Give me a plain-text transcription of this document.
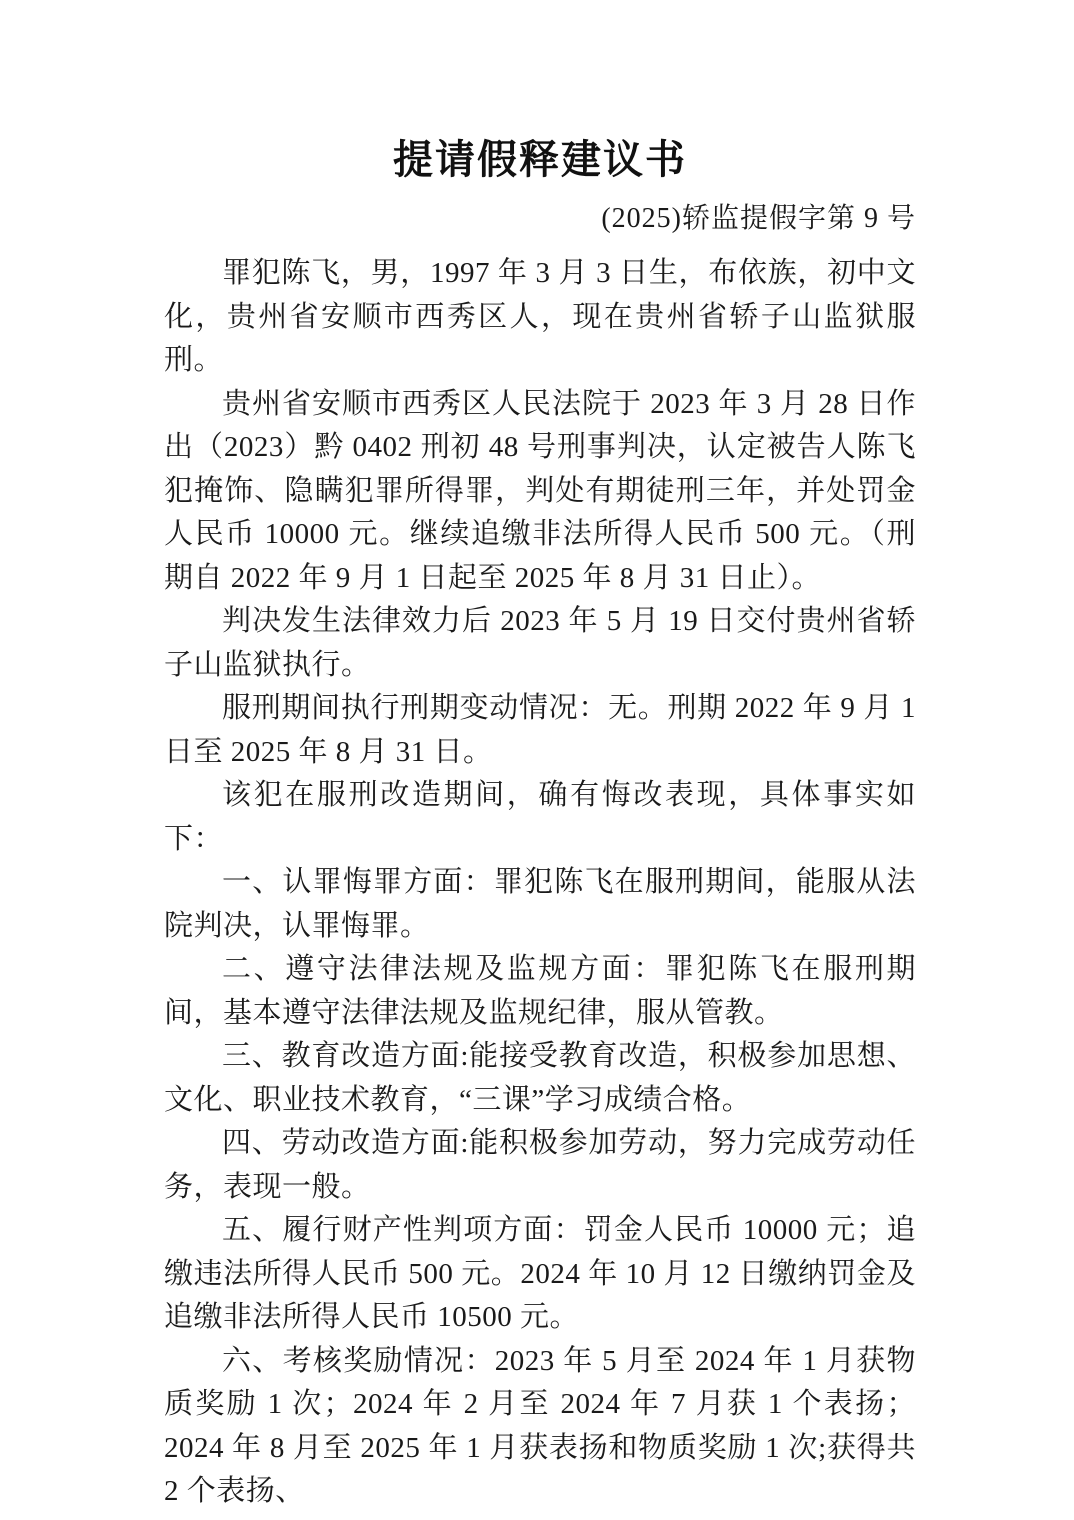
提请假释建议书
(2025)轿监提假字第 9 号

罪犯陈飞，男，1997 年 3 月 3 日生，布依族，初中文化，贵州省安顺市西秀区人，现在贵州省轿子山监狱服刑。

贵州省安顺市西秀区人民法院于 2023 年 3 月 28 日作出（2023）黔 0402 刑初 48 号刑事判决，认定被告人陈飞犯掩饰、隐瞒犯罪所得罪，判处有期徒刑三年，并处罚金人民币 10000 元。继续追缴非法所得人民币 500 元。（刑期自 2022 年 9 月 1 日起至 2025 年 8 月 31 日止）。

判决发生法律效力后 2023 年 5 月 19 日交付贵州省轿子山监狱执行。

服刑期间执行刑期变动情况：无。刑期 2022 年 9 月 1 日至 2025 年 8 月 31 日。

该犯在服刑改造期间，确有悔改表现，具体事实如下：

一、认罪悔罪方面：罪犯陈飞在服刑期间，能服从法院判决，认罪悔罪。

二、遵守法律法规及监规方面：罪犯陈飞在服刑期间，基本遵守法律法规及监规纪律，服从管教。

三、教育改造方面:能接受教育改造，积极参加思想、文化、职业技术教育，“三课”学习成绩合格。

四、劳动改造方面:能积极参加劳动，努力完成劳动任务，表现一般。

五、履行财产性判项方面：罚金人民币 10000 元；追缴违法所得人民币 500 元。2024 年 10 月 12 日缴纳罚金及追缴非法所得人民币 10500 元。

六、考核奖励情况：2023 年 5 月至 2024 年 1 月获物质奖励 1 次；2024 年 2 月至 2024 年 7 月获 1 个表扬；2024 年 8 月至 2025 年 1 月获表扬和物质奖励 1 次;获得共 2 个表扬、
